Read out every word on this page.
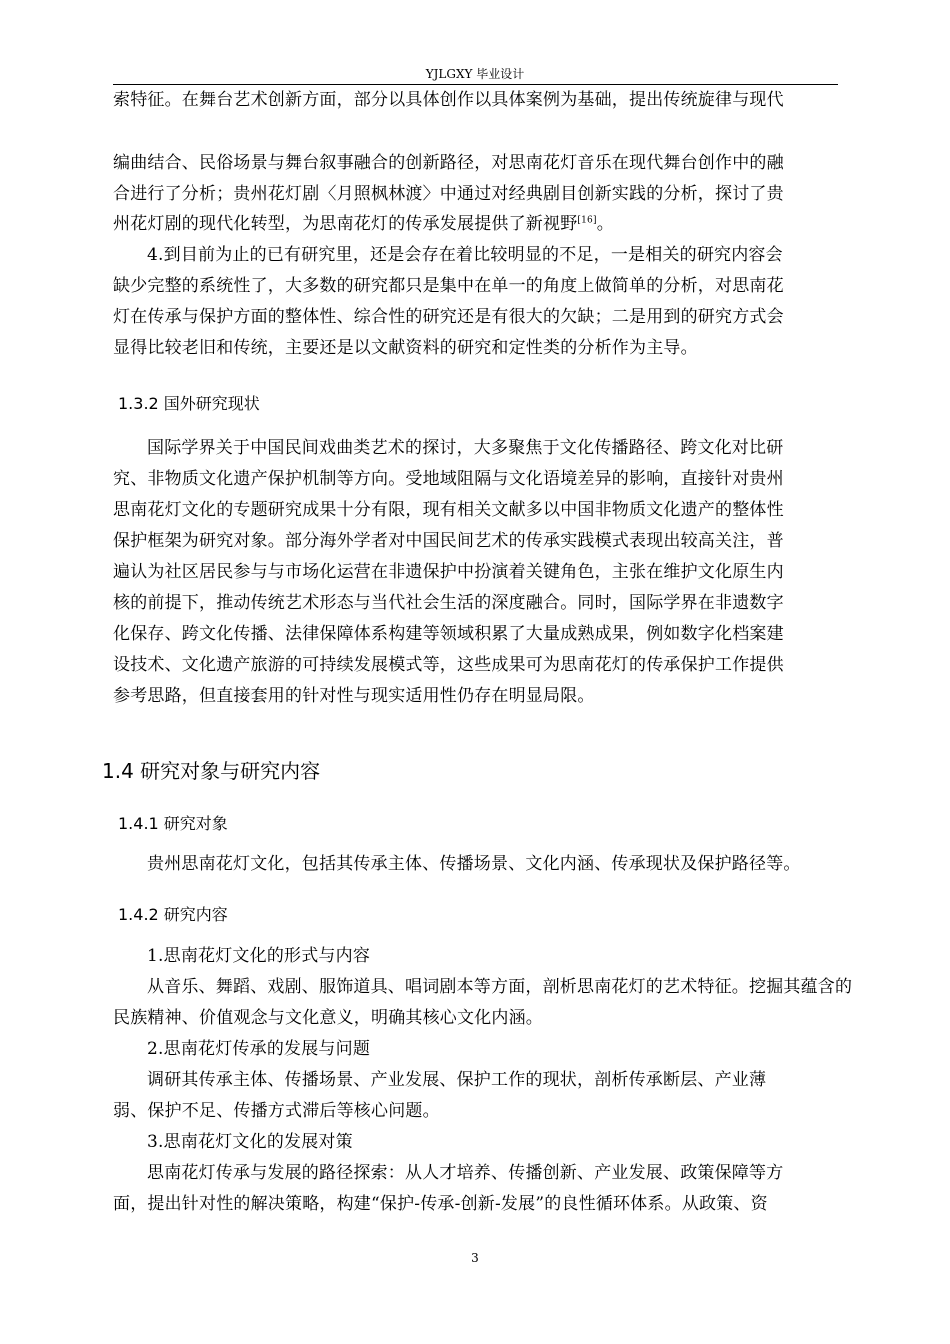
YJLGXY 毕业设计
索特征。在舞台艺术创新方面，部分以具体创作以具体案例为基础，提出传统旋律与现代
编曲结合、民俗场景与舞台叙事融合的创新路径，对思南花灯音乐在现代舞台创作中的融
合进行了分析；贵州花灯剧〈月照枫林渡〉中通过对经典剧目创新实践的分析，探讨了贵
州花灯剧的现代化转型，为思南花灯的传承发展提供了新视野[16]。
4.到目前为止的已有研究里，还是会存在着比较明显的不足，一是相关的研究内容会
缺少完整的系统性了，大多数的研究都只是集中在单一的角度上做简单的分析，对思南花
灯在传承与保护方面的整体性、综合性的研究还是有很大的欠缺；二是用到的研究方式会
显得比较老旧和传统，主要还是以文献资料的研究和定性类的分析作为主导。
1.3.2 国外研究现状
国际学界关于中国民间戏曲类艺术的探讨，大多聚焦于文化传播路径、跨文化对比研
究、非物质文化遗产保护机制等方向。受地域阻隔与文化语境差异的影响，直接针对贵州
思南花灯文化的专题研究成果十分有限，现有相关文献多以中国非物质文化遗产的整体性
保护框架为研究对象。部分海外学者对中国民间艺术的传承实践模式表现出较高关注，普
遍认为社区居民参与与市场化运营在非遗保护中扮演着关键角色，主张在维护文化原生内
核的前提下，推动传统艺术形态与当代社会生活的深度融合。同时，国际学界在非遗数字
化保存、跨文化传播、法律保障体系构建等领域积累了大量成熟成果，例如数字化档案建
设技术、文化遗产旅游的可持续发展模式等，这些成果可为思南花灯的传承保护工作提供
参考思路，但直接套用的针对性与现实适用性仍存在明显局限。
1.4 研究对象与研究内容
1.4.1 研究对象
贵州思南花灯文化，包括其传承主体、传播场景、文化内涵、传承现状及保护路径等。
1.4.2 研究内容
1.思南花灯文化的形式与内容
从音乐、舞蹈、戏剧、服饰道具、唱词剧本等方面，剖析思南花灯的艺术特征。挖掘其蕴含的
民族精神、价值观念与文化意义，明确其核心文化内涵。
2.思南花灯传承的发展与问题
调研其传承主体、传播场景、产业发展、保护工作的现状，剖析传承断层、产业薄
弱、保护不足、传播方式滞后等核心问题。
3.思南花灯文化的发展对策
思南花灯传承与发展的路径探索：从人才培养、传播创新、产业发展、政策保障等方
面，提出针对性的解决策略，构建“保护-传承-创新-发展”的良性循环体系。从政策、资
3
